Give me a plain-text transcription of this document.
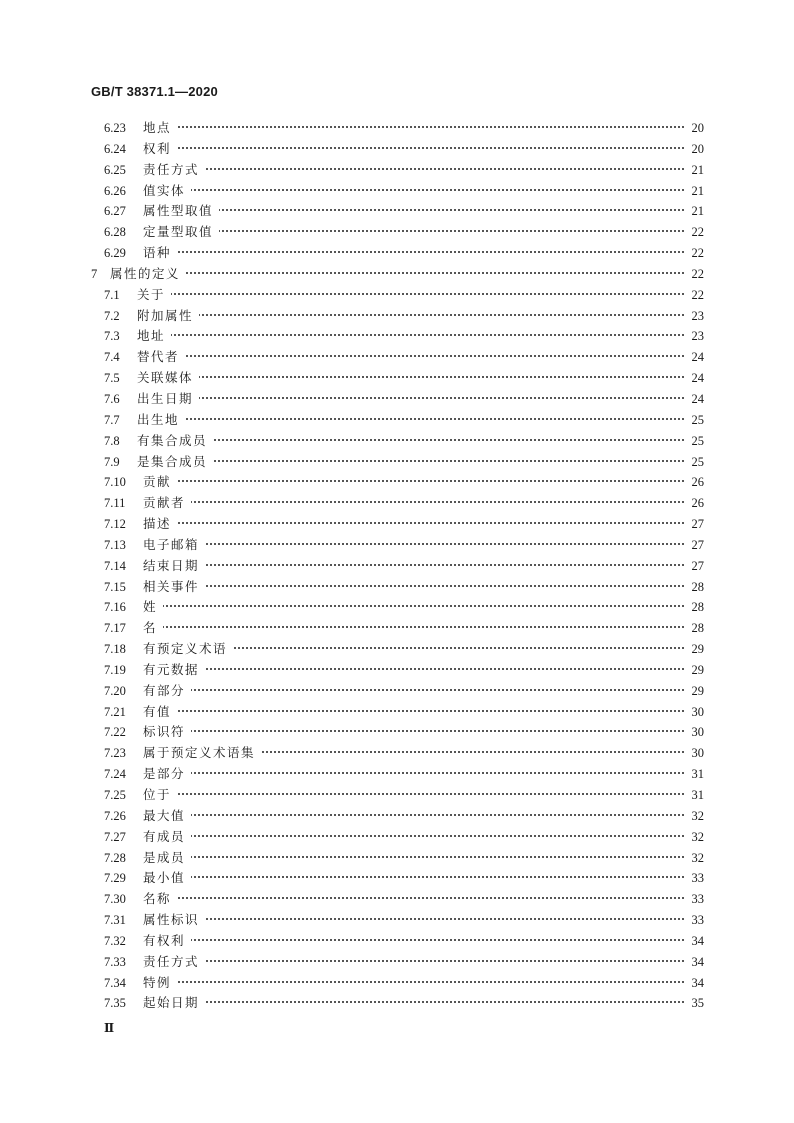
GB/T 38371.1—2020
6.23 地点	20
6.24 权利	20
6.25 责任方式	21
6.26 值实体	21
6.27 属性型取值	21
6.28 定量型取值	22
6.29 语种	22
7 属性的定义	22
7.1 关于	22
7.2 附加属性	23
7.3 地址	23
7.4 替代者	24
7.5 关联媒体	24
7.6 出生日期	24
7.7 出生地	25
7.8 有集合成员	25
7.9 是集合成员	25
7.10 贡献	26
7.11 贡献者	26
7.12 描述	27
7.13 电子邮箱	27
7.14 结束日期	27
7.15 相关事件	28
7.16 姓	28
7.17 名	28
7.18 有预定义术语	29
7.19 有元数据	29
7.20 有部分	29
7.21 有值	30
7.22 标识符	30
7.23 属于预定义术语集	30
7.24 是部分	31
7.25 位于	31
7.26 最大值	32
7.27 有成员	32
7.28 是成员	32
7.29 最小值	33
7.30 名称	33
7.31 属性标识	33
7.32 有权利	34
7.33 责任方式	34
7.34 特例	34
7.35 起始日期	35
Ⅱ
